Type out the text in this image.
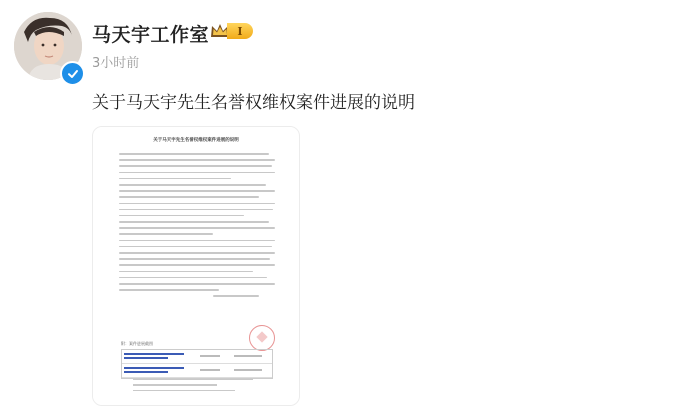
马天宇工作室	I
3小时前
关于马天宇先生名誉权维权案件进展的说明
关于马天宇先生名誉权维权案件进展的说明
附：案件进展截图
